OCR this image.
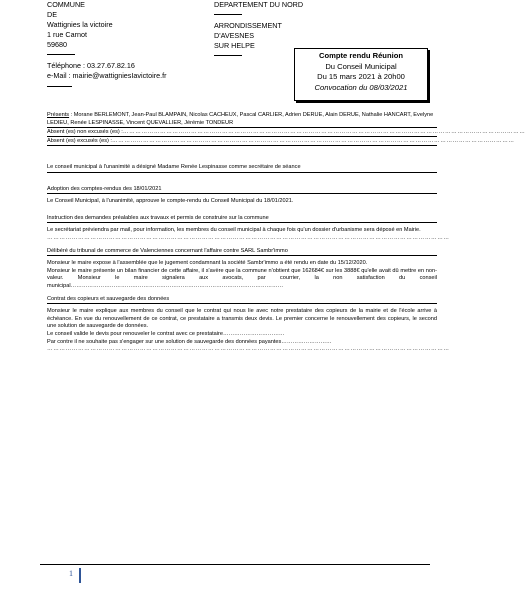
COMMUNE
DE
Wattignies la victoire
1 rue Carnot
59680
Téléphone : 03.27.67.82.16
e-Mail : mairie@wattigniesIavictoire.fr
DEPARTEMENT DU NORD
ARRONDISSEMENT
D'AVESNES
SUR HELPE
Compte rendu Réunion
Du Conseil Municipal
Du 15 mars 2021 à 20h00
Convocation du 08/03/2021
Présents : Morane BERLEMONT, Jean-Paul BLAMPAIN, Nicolas CACHEUX, Pascal CARLIER, Adrien DERUE, Alain DERUE, Nathalie HANCART, Evelyne LEDIEU, Renée LESPINASSE, Vincent QUEVALLIER, Jérémie TONDEUR
Absent (es) non excusés (es) : ……………………………………………………………………………………………………………………………………………………………………………
Absent (es) excusés (es) : ……………………………………………………………………………………………………………………………………………………………………………

Le conseil municipal à l'unanimité a désigné Madame Renée Lespinasse comme secrétaire de séance

Adoption des comptes-rendus des 18/01/2021

Le Conseil Municipal, à l'unanimité, approuve le compte-rendu du Conseil Municipal du 18/01/2021.

Instruction des demandes préalables aux travaux et permis de construire sur la commune

Le secrétariat préviendra par mail, pour information, les membres du conseil municipal à chaque fois qu'un dossier d'urbanisme sera déposé en Mairie.

……………………………………………………………………………………………………………………………………………………………………………
Délibéré du tribunal de commerce de Valenciennes concernant l'affaire contre SARL Sambr'immo

Monsieur le maire expose à l'assemblée que le jugement condamnant la société Sambr'immo a été rendu en date du 15/12/2020.

Monsieur le maire présente un bilan financier de cette affaire, il s'avère que la commune n'obtient que 162684€ sur les 3888€ qu'elle avait dû mettre en non-valeur. Monsieur le maire signalera aux avocats, par courrier, la non satisfaction du conseil municipal……………………………………………………………………………………………………

Contrat des copieurs et sauvegarde des données

Monsieur le maire explique aux membres du conseil que le contrat qui nous lie avec notre prestataire des copieurs de la mairie et de l'école arrive à échéance. En vue du renouvellement de ce contrat, ce prestataire a transmis deux devis. Le premier concerne le renouvellement des copieurs, le second une solution de sauvegarde de données.

Le conseil valide le devis pour renouveler le contrat avec ce prestataire……………………………

Par contre il ne souhaite pas s'engager sur une solution de sauvegarde des données payantes………………………

……………………………………………………………………………………………………………………………………………………………………………
1
